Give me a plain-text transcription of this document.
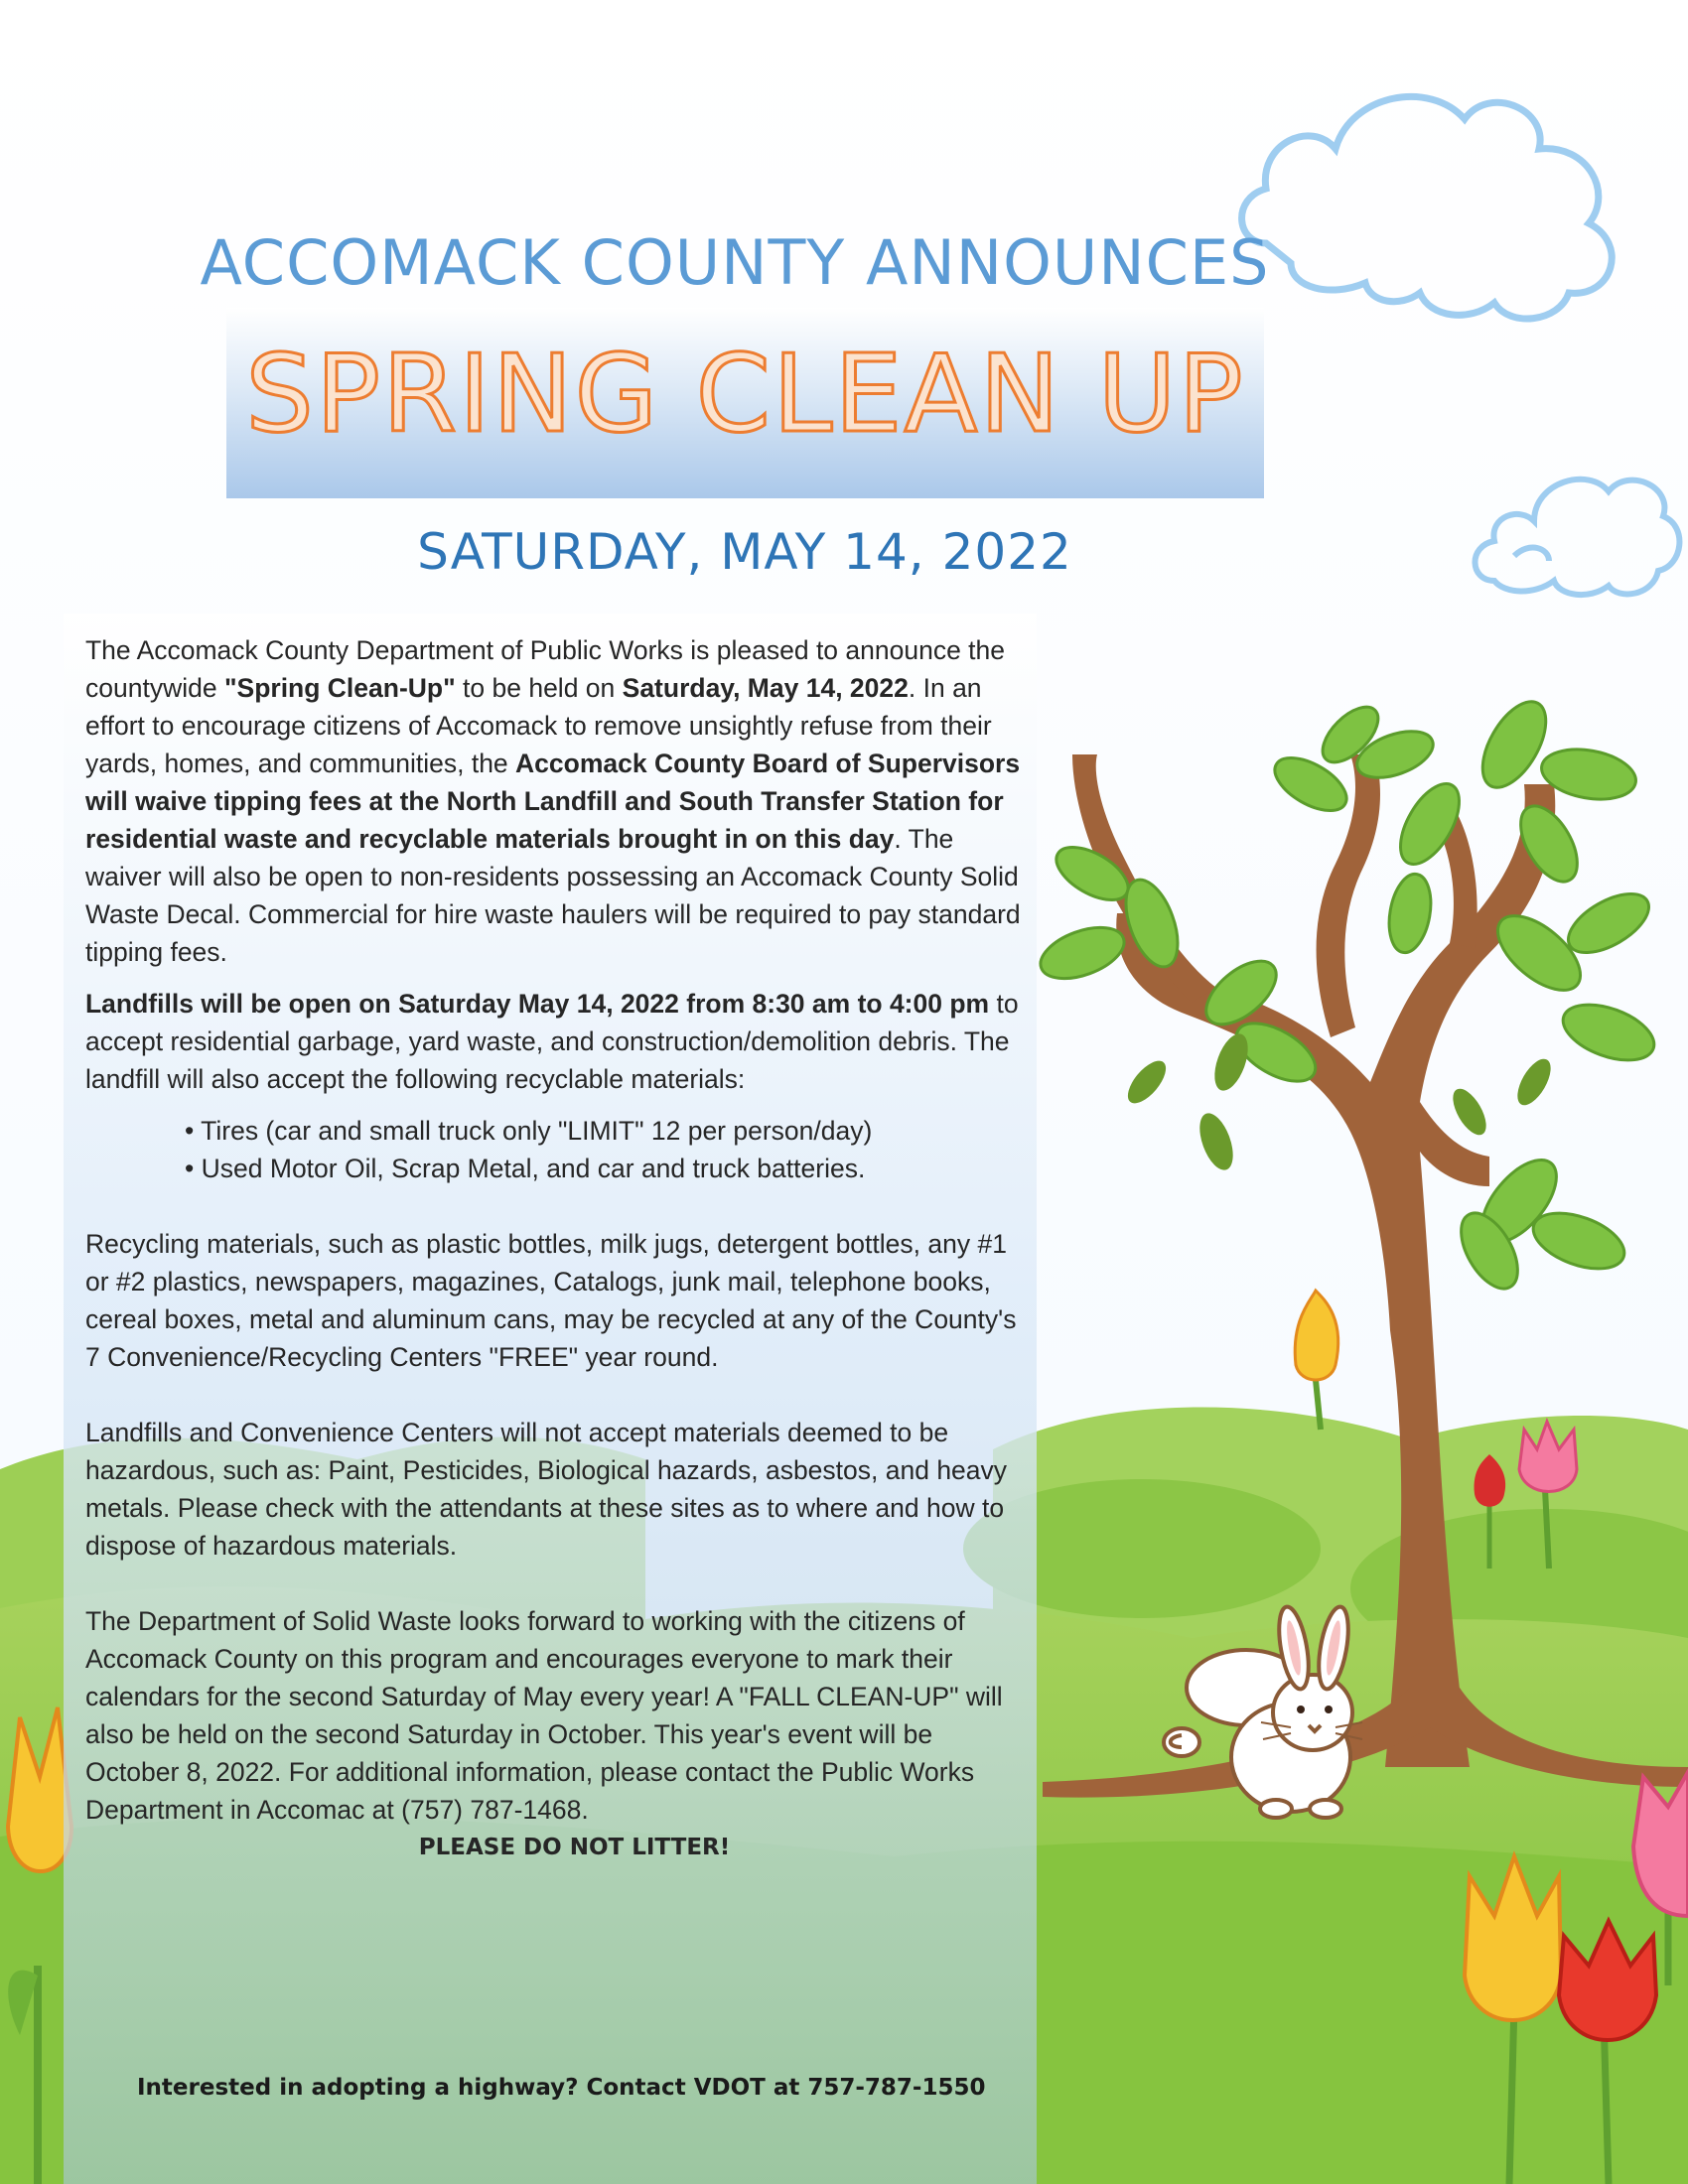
ACCOMACK COUNTY ANNOUNCES
SPRING CLEAN UP
SATURDAY, MAY 14, 2022

The Accomack County Department of Public Works is pleased to announce the countywide "Spring Clean-Up" to be held on Saturday, May 14, 2022. In an effort to encourage citizens of Accomack to remove unsightly refuse from their yards, homes, and communities, the Accomack County Board of Supervisors will waive tipping fees at the North Landfill and South Transfer Station for residential waste and recyclable materials brought in on this day. The waiver will also be open to non-residents possessing an Accomack County Solid Waste Decal. Commercial for hire waste haulers will be required to pay standard tipping fees.

Landfills will be open on Saturday May 14, 2022 from 8:30 am to 4:00 pm to accept residential garbage, yard waste, and construction/demolition debris. The landfill will also accept the following recyclable materials:

• Tires (car and small truck only "LIMIT" 12 per person/day)
• Used Motor Oil, Scrap Metal, and car and truck batteries.

Recycling materials, such as plastic bottles, milk jugs, detergent bottles, any #1 or #2 plastics, newspapers, magazines, Catalogs, junk mail, telephone books, cereal boxes, metal and aluminum cans, may be recycled at any of the County's 7 Convenience/Recycling Centers "FREE" year round.

Landfills and Convenience Centers will not accept materials deemed to be hazardous, such as: Paint, Pesticides, Biological hazards, asbestos, and heavy metals. Please check with the attendants at these sites as to where and how to dispose of hazardous materials.

The Department of Solid Waste looks forward to working with the citizens of Accomack County on this program and encourages everyone to mark their calendars for the second Saturday of May every year! A "FALL CLEAN-UP" will also be held on the second Saturday in October. This year's event will be October 8, 2022. For additional information, please contact the Public Works Department in Accomac at (757) 787-1468.

PLEASE DO NOT LITTER!

Interested in adopting a highway? Contact VDOT at 757-787-1550
